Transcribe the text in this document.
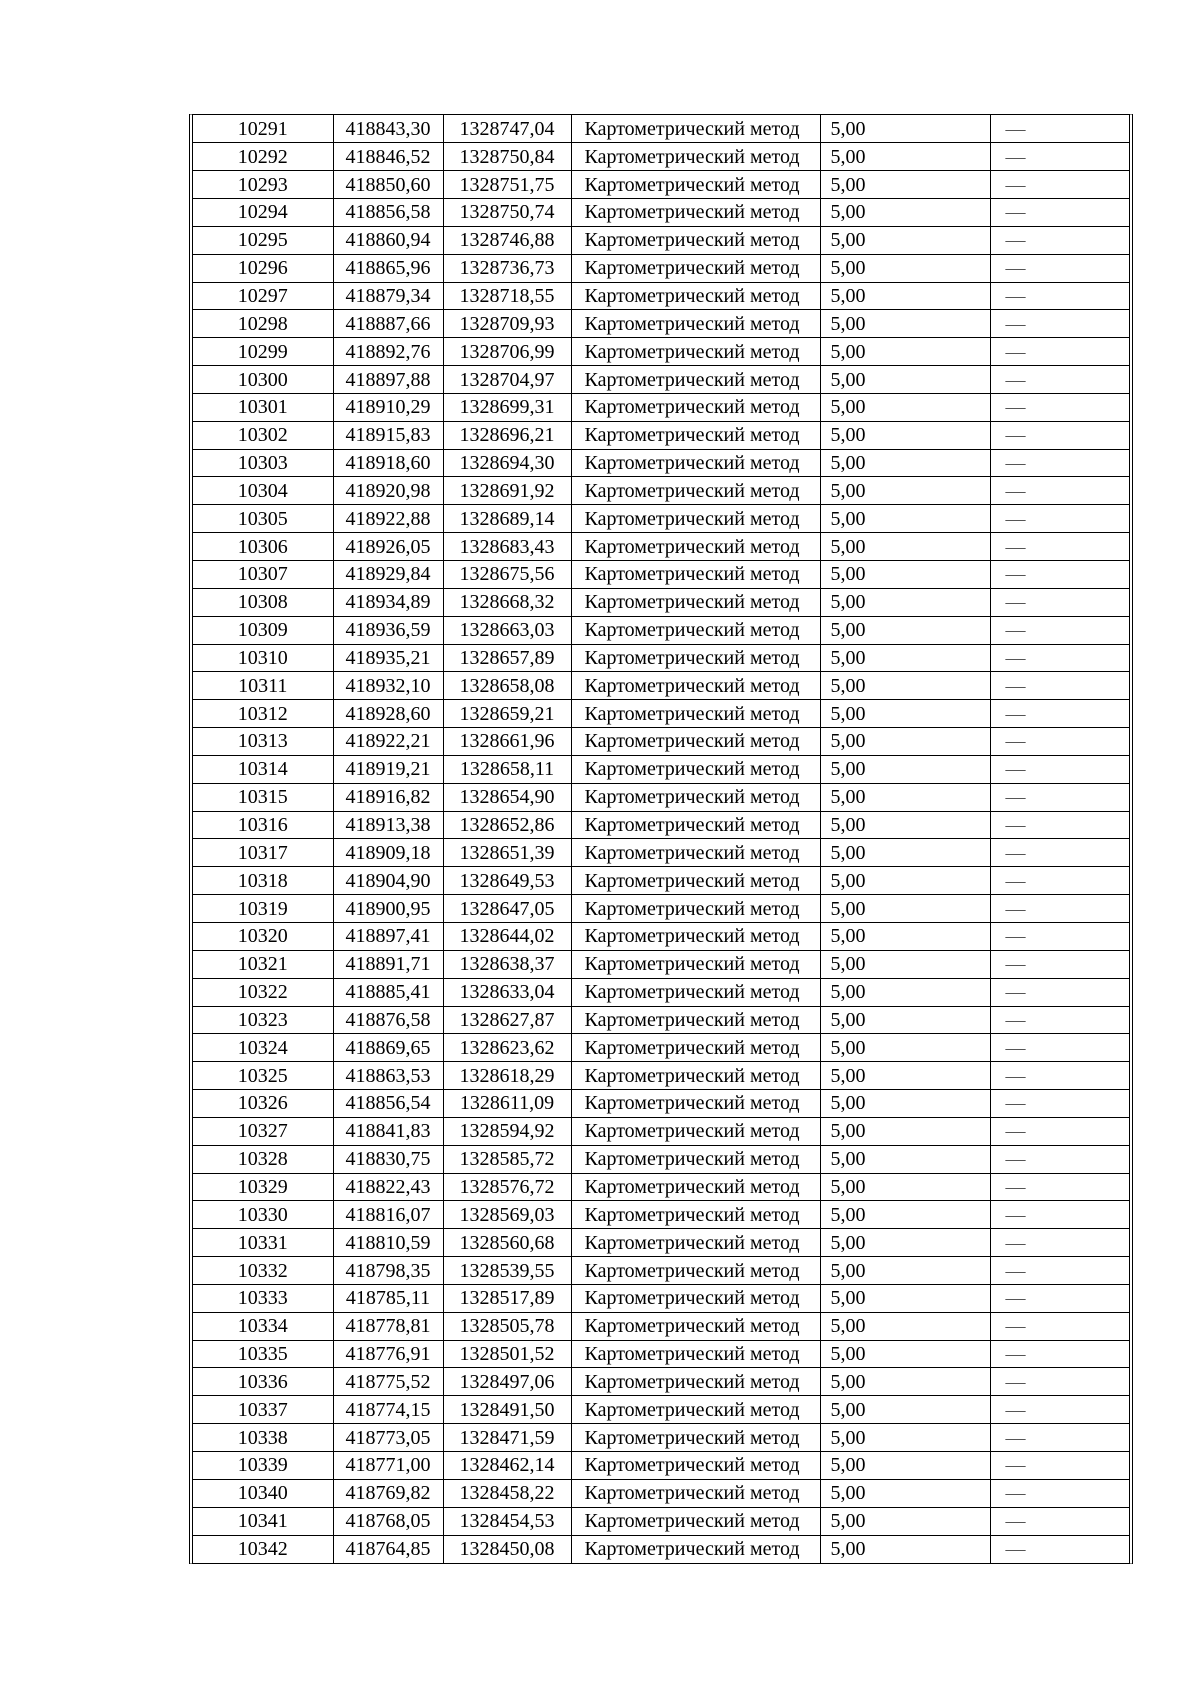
10291	418843,30	1328747,04	Картометрический метод	5,00	—
10292	418846,52	1328750,84	Картометрический метод	5,00	—
10293	418850,60	1328751,75	Картометрический метод	5,00	—
10294	418856,58	1328750,74	Картометрический метод	5,00	—
10295	418860,94	1328746,88	Картометрический метод	5,00	—
10296	418865,96	1328736,73	Картометрический метод	5,00	—
10297	418879,34	1328718,55	Картометрический метод	5,00	—
10298	418887,66	1328709,93	Картометрический метод	5,00	—
10299	418892,76	1328706,99	Картометрический метод	5,00	—
10300	418897,88	1328704,97	Картометрический метод	5,00	—
10301	418910,29	1328699,31	Картометрический метод	5,00	—
10302	418915,83	1328696,21	Картометрический метод	5,00	—
10303	418918,60	1328694,30	Картометрический метод	5,00	—
10304	418920,98	1328691,92	Картометрический метод	5,00	—
10305	418922,88	1328689,14	Картометрический метод	5,00	—
10306	418926,05	1328683,43	Картометрический метод	5,00	—
10307	418929,84	1328675,56	Картометрический метод	5,00	—
10308	418934,89	1328668,32	Картометрический метод	5,00	—
10309	418936,59	1328663,03	Картометрический метод	5,00	—
10310	418935,21	1328657,89	Картометрический метод	5,00	—
10311	418932,10	1328658,08	Картометрический метод	5,00	—
10312	418928,60	1328659,21	Картометрический метод	5,00	—
10313	418922,21	1328661,96	Картометрический метод	5,00	—
10314	418919,21	1328658,11	Картометрический метод	5,00	—
10315	418916,82	1328654,90	Картометрический метод	5,00	—
10316	418913,38	1328652,86	Картометрический метод	5,00	—
10317	418909,18	1328651,39	Картометрический метод	5,00	—
10318	418904,90	1328649,53	Картометрический метод	5,00	—
10319	418900,95	1328647,05	Картометрический метод	5,00	—
10320	418897,41	1328644,02	Картометрический метод	5,00	—
10321	418891,71	1328638,37	Картометрический метод	5,00	—
10322	418885,41	1328633,04	Картометрический метод	5,00	—
10323	418876,58	1328627,87	Картометрический метод	5,00	—
10324	418869,65	1328623,62	Картометрический метод	5,00	—
10325	418863,53	1328618,29	Картометрический метод	5,00	—
10326	418856,54	1328611,09	Картометрический метод	5,00	—
10327	418841,83	1328594,92	Картометрический метод	5,00	—
10328	418830,75	1328585,72	Картометрический метод	5,00	—
10329	418822,43	1328576,72	Картометрический метод	5,00	—
10330	418816,07	1328569,03	Картометрический метод	5,00	—
10331	418810,59	1328560,68	Картометрический метод	5,00	—
10332	418798,35	1328539,55	Картометрический метод	5,00	—
10333	418785,11	1328517,89	Картометрический метод	5,00	—
10334	418778,81	1328505,78	Картометрический метод	5,00	—
10335	418776,91	1328501,52	Картометрический метод	5,00	—
10336	418775,52	1328497,06	Картометрический метод	5,00	—
10337	418774,15	1328491,50	Картометрический метод	5,00	—
10338	418773,05	1328471,59	Картометрический метод	5,00	—
10339	418771,00	1328462,14	Картометрический метод	5,00	—
10340	418769,82	1328458,22	Картометрический метод	5,00	—
10341	418768,05	1328454,53	Картометрический метод	5,00	—
10342	418764,85	1328450,08	Картометрический метод	5,00	—
